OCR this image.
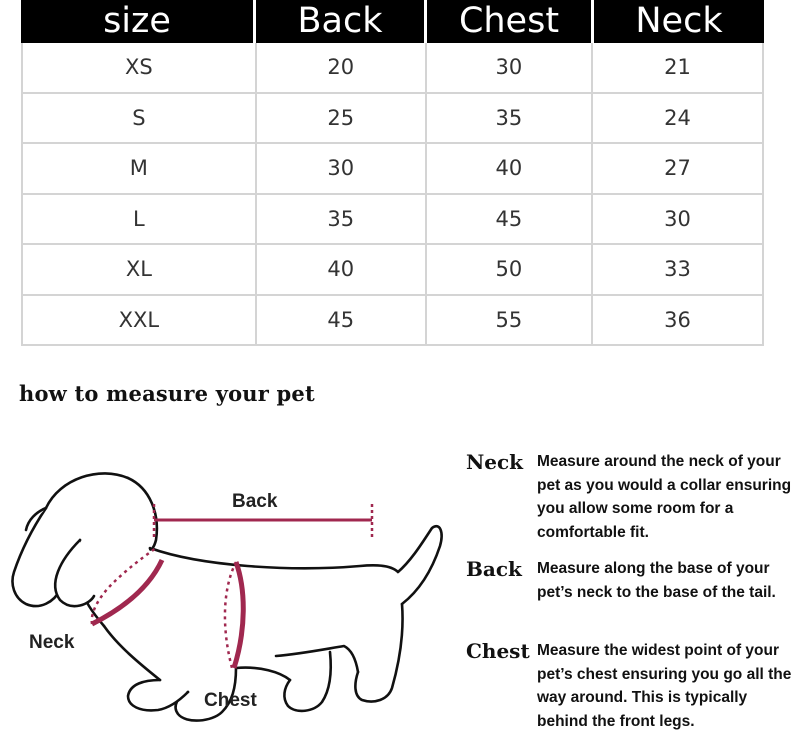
size	Back	Chest	Neck
XS	20	30	21
S	25	35	24
M	30	40	27
L	35	45	30
XL	40	50	33
XXL	45	55	36
how to measure your pet
Back
Neck
Chest
Neck Measure around the neck of your pet as you would a collar ensuring you allow some room for a comfortable fit.
Back Measure along the base of your pet’s neck to the base of the tail.
Chest Measure the widest point of your pet’s chest ensuring you go all the way around. This is typically behind the front legs.
